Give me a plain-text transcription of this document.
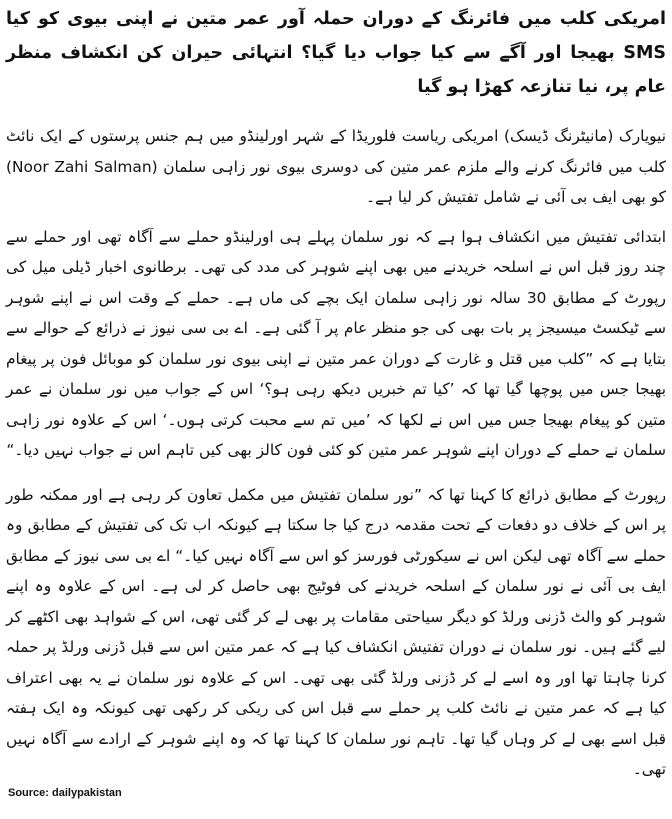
امریکی کلب میں فائرنگ کے دوران حملہ آور عمر متین نے اپنی بیوی کو کیا SMS بھیجا اور آگے سے کیا جواب دیا گیا؟ انتہائی حیران کن انکشاف منظر عام پر، نیا تنازعہ کھڑا ہو گیا

نیویارک (مانیٹرنگ ڈیسک) امریکی ریاست فلوریڈا کے شہر اورلینڈو میں ہم جنس پرستوں کے ایک نائٹ کلب میں فائرنگ کرنے والے ملزم عمر متین کی دوسری بیوی نور زاہی سلمان (Noor Zahi Salman) کو بھی ایف بی آئی نے شامل تفتیش کر لیا ہے۔

ابتدائی تفتیش میں انکشاف ہوا ہے کہ نور سلمان پہلے ہی اورلینڈو حملے سے آگاہ تھی اور حملے سے چند روز قبل اس نے اسلحہ خریدنے میں بھی اپنے شوہر کی مدد کی تھی۔ برطانوی اخبار ڈیلی میل کی رپورٹ کے مطابق 30 سالہ نور زاہی سلمان ایک بچے کی ماں ہے۔ حملے کے وقت اس نے اپنے شوہر سے ٹیکسٹ میسیجز پر بات بھی کی جو منظر عام پر آ گئی ہے۔ اے بی سی نیوز نے ذرائع کے حوالے سے بتایا ہے کہ ”کلب میں قتل و غارت کے دوران عمر متین نے اپنی بیوی نور سلمان کو موبائل فون پر پیغام بھیجا جس میں پوچھا گیا تھا کہ ’کیا تم خبریں دیکھ رہی ہو؟‘ اس کے جواب میں نور سلمان نے عمر متین کو پیغام بھیجا جس میں اس نے لکھا کہ ’میں تم سے محبت کرتی ہوں۔‘ اس کے علاوہ نور زاہی سلمان نے حملے کے دوران اپنے شوہر عمر متین کو کئی فون کالز بھی کیں تاہم اس نے جواب نہیں دیا۔“

رپورٹ کے مطابق ذرائع کا کہنا تھا کہ ”نور سلمان تفتیش میں مکمل تعاون کر رہی ہے اور ممکنہ طور پر اس کے خلاف دو دفعات کے تحت مقدمہ درج کیا جا سکتا ہے کیونکہ اب تک کی تفتیش کے مطابق وہ حملے سے آگاہ تھی لیکن اس نے سیکورٹی فورسز کو اس سے آگاہ نہیں کیا۔“ اے بی سی نیوز کے مطابق ایف بی آئی نے نور سلمان کے اسلحہ خریدنے کی فوٹیج بھی حاصل کر لی ہے۔ اس کے علاوہ وہ اپنے شوہر کو والٹ ڈزنی ورلڈ کو دیگر سیاحتی مقامات پر بھی لے کر گئی تھی، اس کے شواہد بھی اکٹھے کر لیے گئے ہیں۔ نور سلمان نے دوران تفتیش انکشاف کیا ہے کہ عمر متین اس سے قبل ڈزنی ورلڈ پر حملہ کرنا چاہتا تھا اور وہ اسے لے کر ڈزنی ورلڈ گئی بھی تھی۔ اس کے علاوہ نور سلمان نے یہ بھی اعتراف کیا ہے کہ عمر متین نے نائٹ کلب پر حملے سے قبل اس کی ریکی کر رکھی تھی کیونکہ وہ ایک ہفتہ قبل اسے بھی لے کر وہاں گیا تھا۔ تاہم نور سلمان کا کہنا تھا کہ وہ اپنے شوہر کے ارادے سے آگاہ نہیں تھی۔

Source: dailypakistan
